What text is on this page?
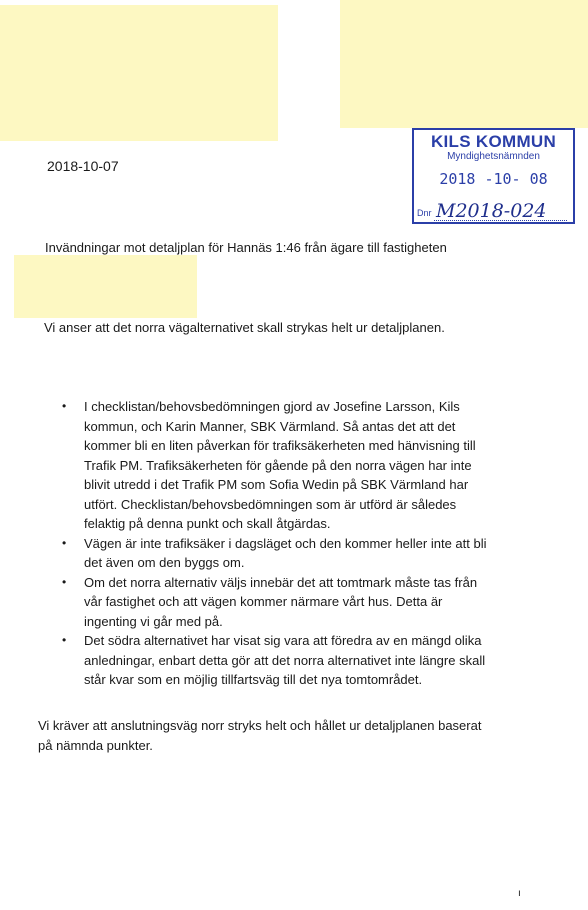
KILS KOMMUN
Myndighetsnämnden
2018 -10- 08
Dnr M2018-024
2018-10-07
Invändningar mot detaljplan för Hannäs 1:46 från ägare till fastigheten
Vi anser att det norra vägalternativet skall strykas helt ur detaljplanen.
• I checklistan/behovsbedömningen gjord av Josefine Larsson, Kils kommun, och Karin Manner, SBK Värmland. Så antas det att det kommer bli en liten påverkan för trafiksäkerheten med hänvisning till Trafik PM. Trafiksäkerheten för gående på den norra vägen har inte blivit utredd i det Trafik PM som Sofia Wedin på SBK Värmland har utfört. Checklistan/behovsbedömningen som är utförd är således felaktig på denna punkt och skall åtgärdas.
• Vägen är inte trafiksäker i dagsläget och den kommer heller inte att bli det även om den byggs om.
• Om det norra alternativ väljs innebär det att tomtmark måste tas från vår fastighet och att vägen kommer närmare vårt hus. Detta är ingenting vi går med på.
• Det södra alternativet har visat sig vara att föredra av en mängd olika anledningar, enbart detta gör att det norra alternativet inte längre skall står kvar som en möjlig tillfartsväg till det nya tomtområdet.
Vi kräver att anslutningsväg norr stryks helt och hållet ur detaljplanen baserat på nämnda punkter.
ı
